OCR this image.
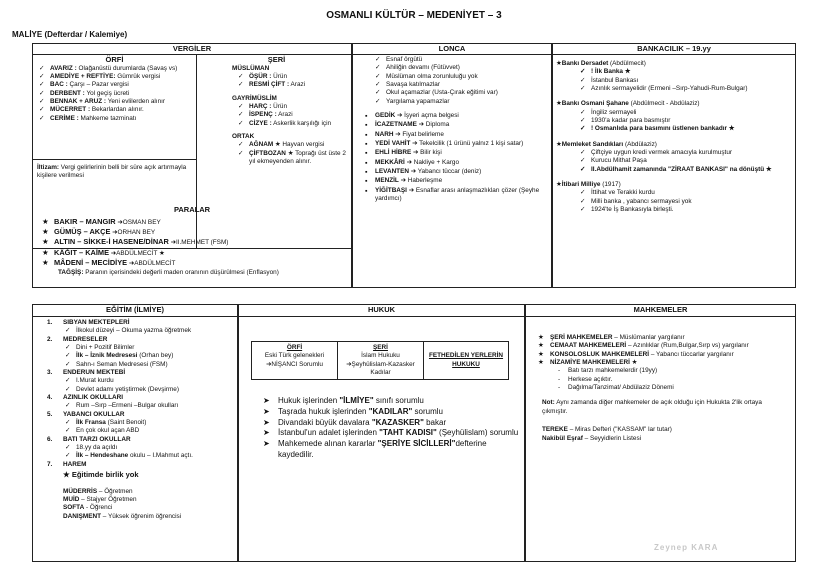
OSMANLI KÜLTÜR – MEDENİYET – 3
MALİYE (Defterdar / Kalemiye)
VERGİLER
ÖRFİ
✓ AVARIZ : Olağanüstü durumlarda (Savaş vs)
✓ AMEDİYE + REFTİYE: Gümrük vergisi
✓ BAC : Çarşı – Pazar vergisi
✓ DERBENT : Yol geçiş ücreti
✓ BENNAK + ARUZ : Yeni evlilerden alınır
✓ MÜCERRET : Bekarlardan alınır.
✓ CERİME : Mahkeme tazminatı
İltizam: Vergi gelirlerinin belli bir süre açık artırmayla kişilere verilmesi
ŞERİ
MÜSLÜMAN
✓ ÖŞÜR : Ürün
✓ RESMİ ÇİFT : Arazi
GAYRİMÜSLİM
✓ HARÇ : Ürün
✓ İSPENÇ : Arazi
✓ CİZYE : Askerlik karşılığı için
ORTAK
✓ AĞNAM ★ Hayvan vergisi
✓ ÇİFTBOZAN ★ Toprağı üst üste 2 yıl ekmeyenden alınır.
PARALAR
★ BAKIR – MANGIR ➜OSMAN BEY
★ GÜMÜŞ – AKÇE ➜ORHAN BEY
★ ALTIN – SİKKE-İ HASENE/DİNAR ➜II.MEHMET (FSM)
★ KÂĞIT – KAİME ➜ABDÜLMECİT ★
★ MÂDENİ – MECİDİYE ➜ABDÜLMECİT
TAĞŞİŞ: Paranın içerisindeki değerli maden oranının düşürülmesi (Enflasyon)
LONCA
✓ Esnaf örgütü
✓ Ahiliğin devamı (Fütüvvet)
✓ Müslüman olma zorunluluğu yok
✓ Savaşa katılmazlar
✓ Okul açamazlar (Usta-Çırak eğitimi var)
✓ Yargılama yapamazlar
▪ GEDİK ➔ İşyeri açma belgesi
▪ İCAZETNAME ➔ Diploma
▪ NARH ➔ Fiyat belirleme
▪ YEDİ VAHİT ➔ Tekelcilik (1 ürünü yalnız 1 kişi satar)
▪ EHLİ HİBRE ➔ Bilir kişi
▪ MEKKÂRİ ➔ Nakliye + Kargo
▪ LEVANTEN ➔ Yabancı tüccar (deniz)
▪ MENZİL ➔ Haberleşme
▪ YİĞİTBAŞI ➔ Esnaflar arası anlaşmazlıkları çözer (Şeyhe yardımcı)
BANKACILIK – 19.yy
★Bankı Dersadet (Abdülmecit)
✓ ! İlk Banka ★
✓ İstanbul Bankası
✓ Azınlık sermayelidir (Ermeni –Sırp-Yahudi-Rum-Bulgar)
★Bankı Osmani Şahane (Abdülmecit - Abdülaziz)
✓ İngiliz sermayeli
✓ 1930'a kadar para basmıştır
✓ ! Osmanlıda para basımını üstlenen bankadır ★
★Memleket Sandıkları (Abdülaziz)
✓ Çiftçiye uygun kredi vermek amacıyla kurulmuştur
✓ Kurucu Mithat Paşa
✓ II.Abdülhamit zamanında "ZİRAAT BANKASI" na dönüştü ★
★İtibari Milliye (1917)
✓ İttihat ve Terakki kurdu
✓ Milli banka , yabancı sermayesi yok
✓ 1924'te İş Bankasıyla birleşti.
EĞİTİM (İLMİYE)
1. SIBYAN MEKTEPLERİ
✓ İlkokul düzeyi – Okuma yazma öğretmek
2. MEDRESELER
✓ Dini + Pozitif Bilimler
✓ İlk – İznik Medresesi (Orhan bey)
✓ Sahn-ı Seman Medresesi (FSM)
3. ENDERUN MEKTEBİ
✓ I.Murat kurdu
✓ Devlet adamı yetiştirmek (Devşirme)
4. AZINLIK OKULLARI
✓ Rum –Sırp –Ermeni –Bulgar okulları
5. YABANCI OKULLAR
✓ İlk Fransa (Saint Benoit)
✓ En çok okul açan ABD
6. BATI TARZI OKULLAR
✓ 18.yy da açıldı
✓ İlk – Hendeshane okulu – I.Mahmut açtı.
7. HAREM
★ Eğitimde birlik yok
MÜDERRİS – Öğretmen
MUİD – Stajyer Öğretmen
SOFTA - Öğrenci
DANIŞMENT – Yüksek öğrenim öğrencisi
HUKUK
ÖRFİ
Eski Türk gelenekleri
➔NİŞANCI Sorumlu

ŞERİ
İslam Hukuku
➔Şeyhülislam-Kazasker Kadılar
	FETHEDİLEN YERLERİN HUKUKU
➤ Hukuk işlerinden "İLMİYE" sınıfı sorumlu
➤ Taşrada hukuk işlerinden "KADILAR" sorumlu
➤ Divandaki büyük davalara "KAZASKER" bakar
➤ İstanbul'un adalet işlerinden "TAHT KADISI" (Şeyhülislam) sorumlu
➤ Mahkemede alınan kararlar "ŞERİYE SİCİLLERİ"defterine kaydedilir.
MAHKEMELER
★ ŞERİ MAHKEMELER – Müslümanlar yargılanır
★ CEMAAT MAHKEMELERİ – Azınlıklar (Rum,Bulgar,Sırp vs) yargılanır
★ KONSOLOSLUK MAHKEMELERİ – Yabancı tüccarlar yargılanır
★ NİZAMİYE MAHKEMELERİ ★
- Batı tarzı mahkemelerdir (19yy)
- Herkese açıktır.
- Dağılma/Tanzimat/ Abdülaziz Dönemi
Not: Aynı zamanda diğer mahkemeler de açık olduğu için Hukukta 2'lik ortaya çıkmıştır.
TEREKE – Miras Defteri ("KASSAM" lar tutar)
Nakibül Eşraf – Seyyidlerin Listesi
Zeynep KARA
